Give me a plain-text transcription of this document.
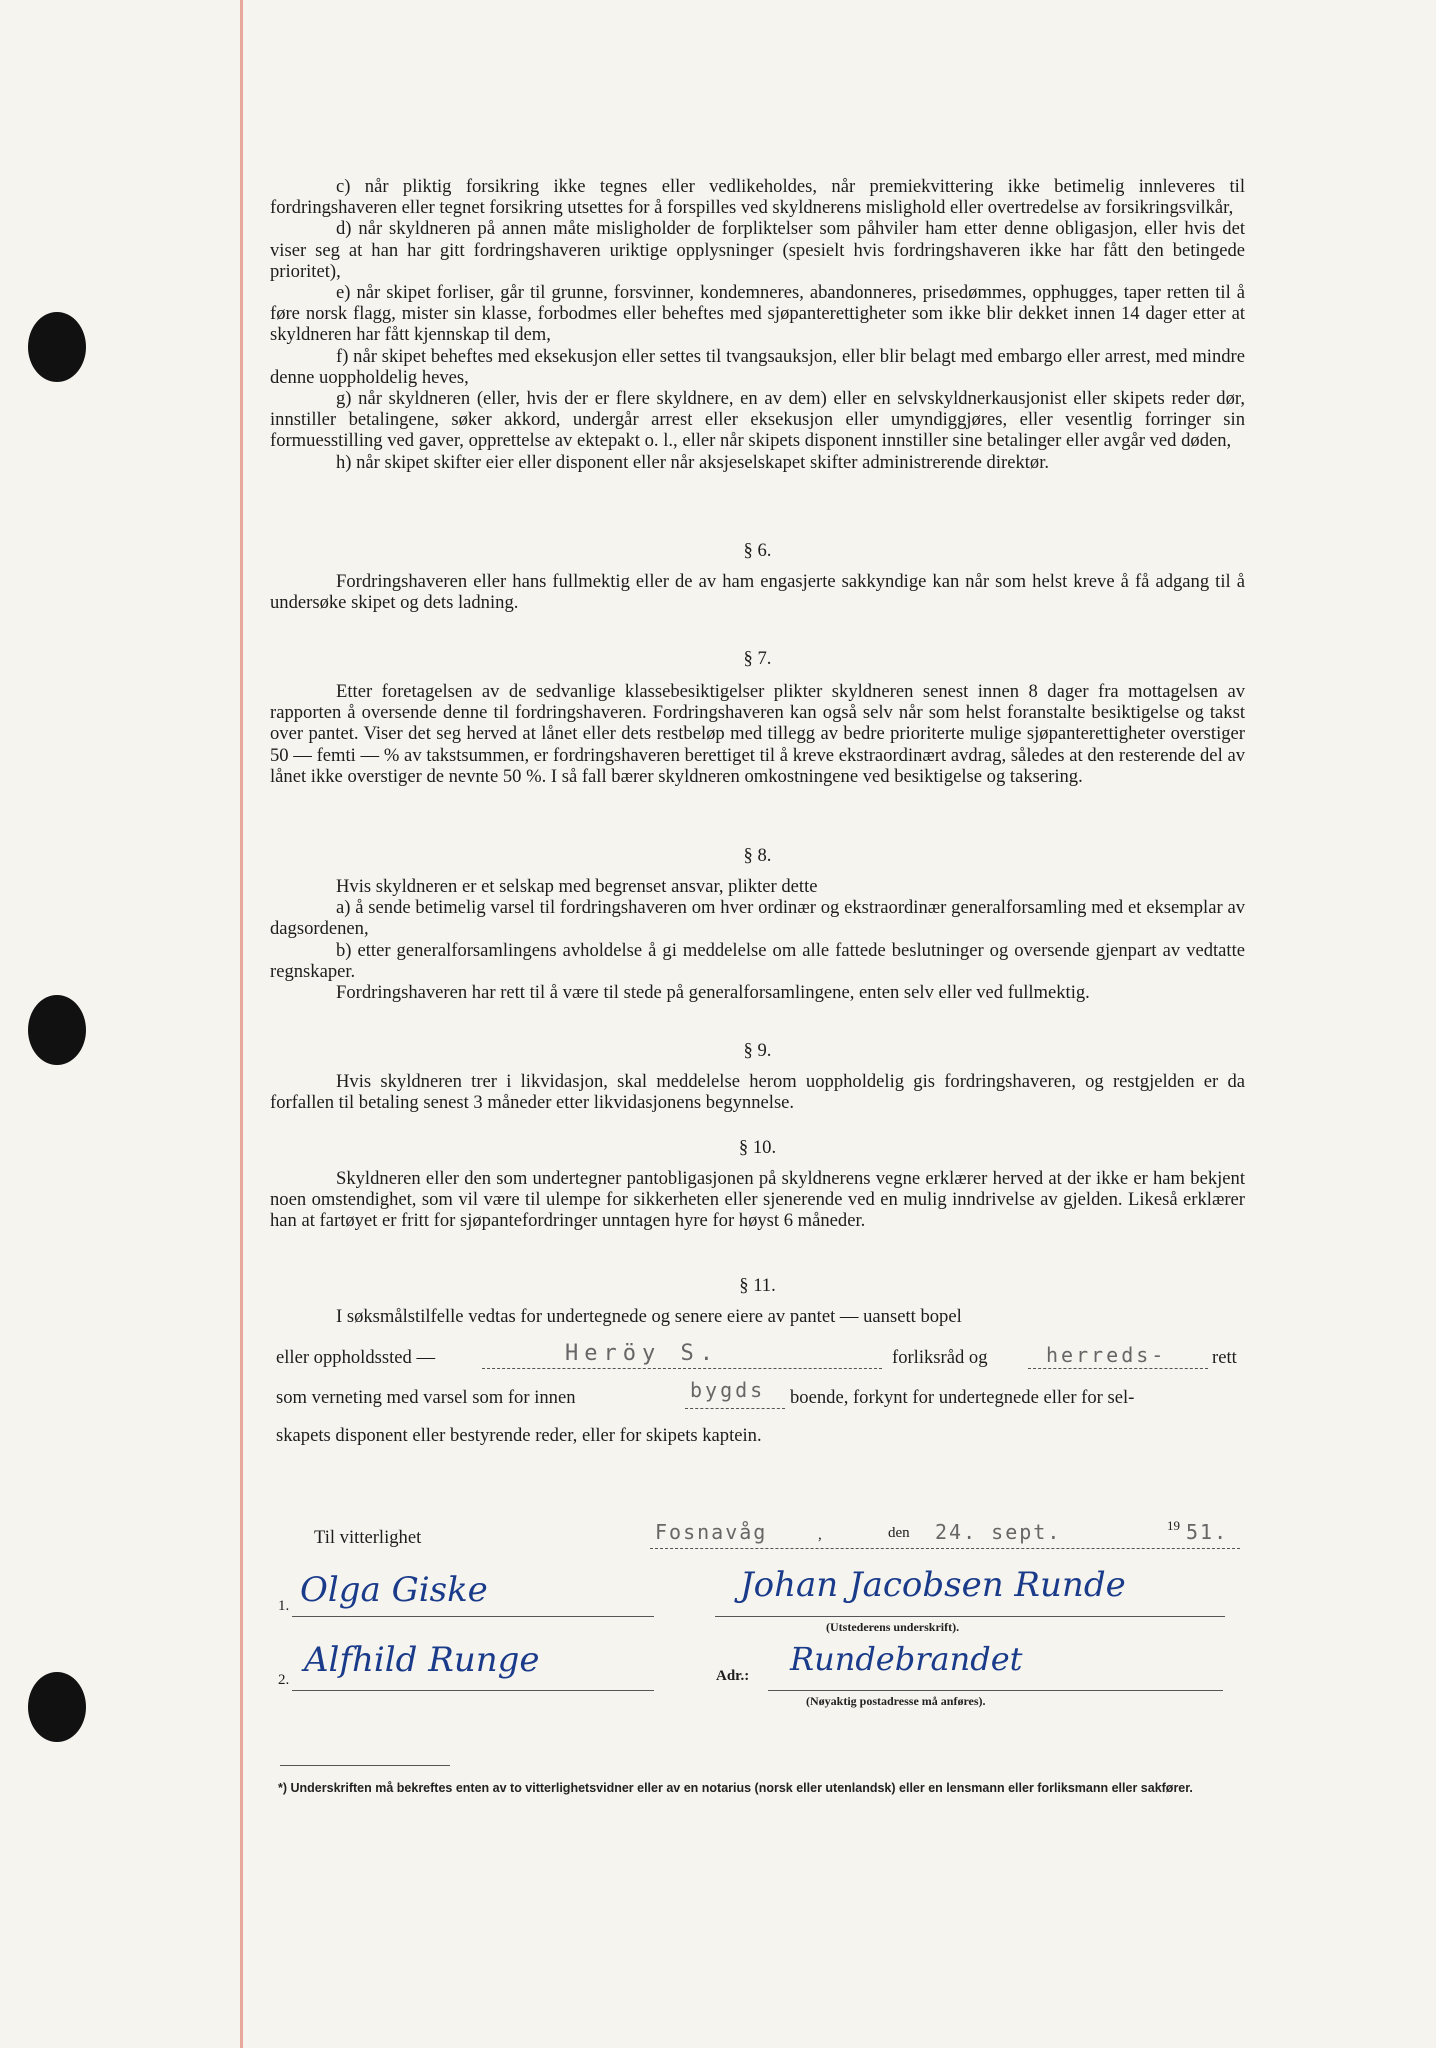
c) når pliktig forsikring ikke tegnes eller vedlikeholdes, når premiekvittering ikke betimelig innleveres til fordringshaveren eller tegnet forsikring utsettes for å forspilles ved skyldnerens mislighold eller overtredelse av forsikringsvilkår,

d) når skyldneren på annen måte misligholder de forpliktelser som påhviler ham etter denne obligasjon, eller hvis det viser seg at han har gitt fordringshaveren uriktige opplysninger (spesielt hvis fordringshaveren ikke har fått den betingede prioritet),

e) når skipet forliser, går til grunne, forsvinner, kondemneres, abandonneres, prisedømmes, opphugges, taper retten til å føre norsk flagg, mister sin klasse, forbodmes eller beheftes med sjøpanterettigheter som ikke blir dekket innen 14 dager etter at skyldneren har fått kjennskap til dem,

f) når skipet beheftes med eksekusjon eller settes til tvangsauksjon, eller blir belagt med embargo eller arrest, med mindre denne uoppholdelig heves,

g) når skyldneren (eller, hvis der er flere skyldnere, en av dem) eller en selvskyldnerkausjonist eller skipets reder dør, innstiller betalingene, søker akkord, undergår arrest eller eksekusjon eller umyndiggjøres, eller vesentlig forringer sin formuesstilling ved gaver, opprettelse av ektepakt o. l., eller når skipets disponent innstiller sine betalinger eller avgår ved døden,

h) når skipet skifter eier eller disponent eller når aksjeselskapet skifter administrerende direktør.

§ 6.

Fordringshaveren eller hans fullmektig eller de av ham engasjerte sakkyndige kan når som helst kreve å få adgang til å undersøke skipet og dets ladning.

§ 7.

Etter foretagelsen av de sedvanlige klassebesiktigelser plikter skyldneren senest innen 8 dager fra mottagelsen av rapporten å oversende denne til fordringshaveren. Fordringshaveren kan også selv når som helst foranstalte besiktigelse og takst over pantet. Viser det seg herved at lånet eller dets restbeløp med tillegg av bedre prioriterte mulige sjøpanterettigheter overstiger 50 — femti — % av takstsummen, er fordringshaveren berettiget til å kreve ekstraordinært avdrag, således at den resterende del av lånet ikke overstiger de nevnte 50 %. I så fall bærer skyldneren omkostningene ved besiktigelse og taksering.

§ 8.

Hvis skyldneren er et selskap med begrenset ansvar, plikter dette

a) å sende betimelig varsel til fordringshaveren om hver ordinær og ekstraordinær generalforsamling med et eksemplar av dagsordenen,

b) etter generalforsamlingens avholdelse å gi meddelelse om alle fattede beslutninger og oversende gjenpart av vedtatte regnskaper.

Fordringshaveren har rett til å være til stede på generalforsamlingene, enten selv eller ved fullmektig.

§ 9.

Hvis skyldneren trer i likvidasjon, skal meddelelse herom uoppholdelig gis fordringshaveren, og restgjelden er da forfallen til betaling senest 3 måneder etter likvidasjonens begynnelse.

§ 10.

Skyldneren eller den som undertegner pantobligasjonen på skyldnerens vegne erklærer herved at der ikke er ham bekjent noen omstendighet, som vil være til ulempe for sikkerheten eller sjenerende ved en mulig inndrivelse av gjelden. Likeså erklærer han at fartøyet er fritt for sjøpantefordringer unntagen hyre for høyst 6 måneder.

§ 11.

I søksmålstilfelle vedtas for undertegnede og senere eiere av pantet — uansett bopel

eller oppholdssted —	Heröy S.	forliksråd og	herreds- rett
som verneting med varsel som for innen	bygds boende, forkynt for undertegnede eller for sel-
skapets disponent eller bestyrende reder, eller for skipets kaptein.
Til vitterlighet	Fosnavåg	,	den 24. sept.	19 51.
1. Olga Giske	Johan Jacobsen Runde
(Utstederens underskrift).
2. Alfhild Runge	Adr.: Rundebrandet
(Nøyaktig postadresse må anføres).
*) Underskriften må bekreftes enten av to vitterlighetsvidner eller av en notarius (norsk eller utenlandsk) eller en lensmann eller forliksmann eller sakfører.
